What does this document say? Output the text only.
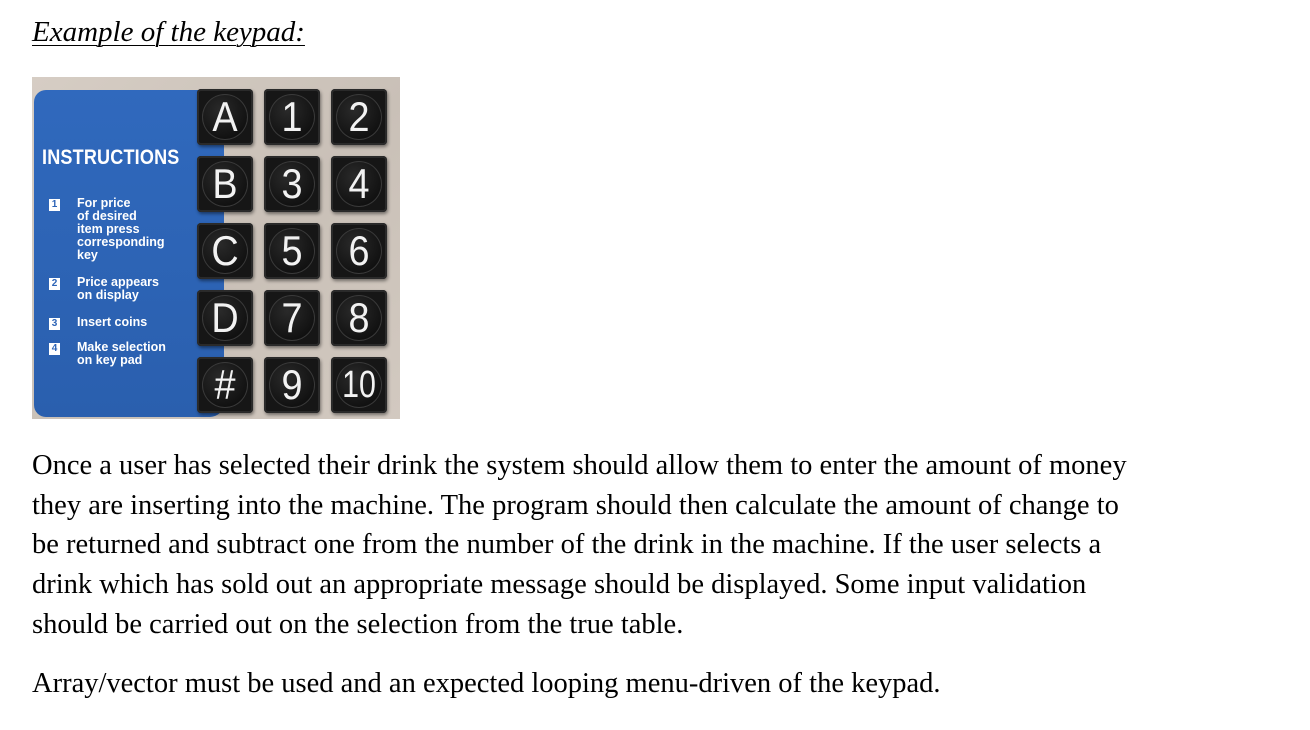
Example of the keypad:
INSTRUCTIONS
1 For price
of desired
item press
corresponding
key
2 Price appears
on display
3 Insert coins
4 Make selection
on key pad
A	1	2
B	3	4
C	5	6
D	7	8
#	9	10
Once a user has selected their drink the system should allow them to enter the amount of money
they are inserting into the machine. The program should then calculate the amount of change to
be returned and subtract one from the number of the drink in the machine. If the user selects a
drink which has sold out an appropriate message should be displayed. Some input validation
should be carried out on the selection from the true table.
Array/vector must be used and an expected looping menu-driven of the keypad.
